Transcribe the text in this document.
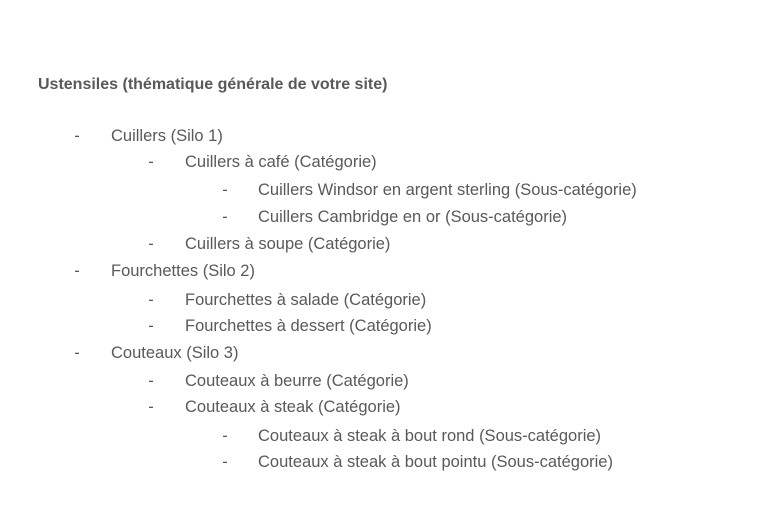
Ustensiles (thématique générale de votre site)
- Cuillers (Silo 1)
- Cuillers à café (Catégorie)
- Cuillers Windsor en argent sterling (Sous-catégorie)
- Cuillers Cambridge en or (Sous-catégorie)
- Cuillers à soupe (Catégorie)
- Fourchettes (Silo 2)
- Fourchettes à salade (Catégorie)
- Fourchettes à dessert (Catégorie)
- Couteaux (Silo 3)
- Couteaux à beurre (Catégorie)
- Couteaux à steak (Catégorie)
- Couteaux à steak à bout rond (Sous-catégorie)
- Couteaux à steak à bout pointu (Sous-catégorie)
